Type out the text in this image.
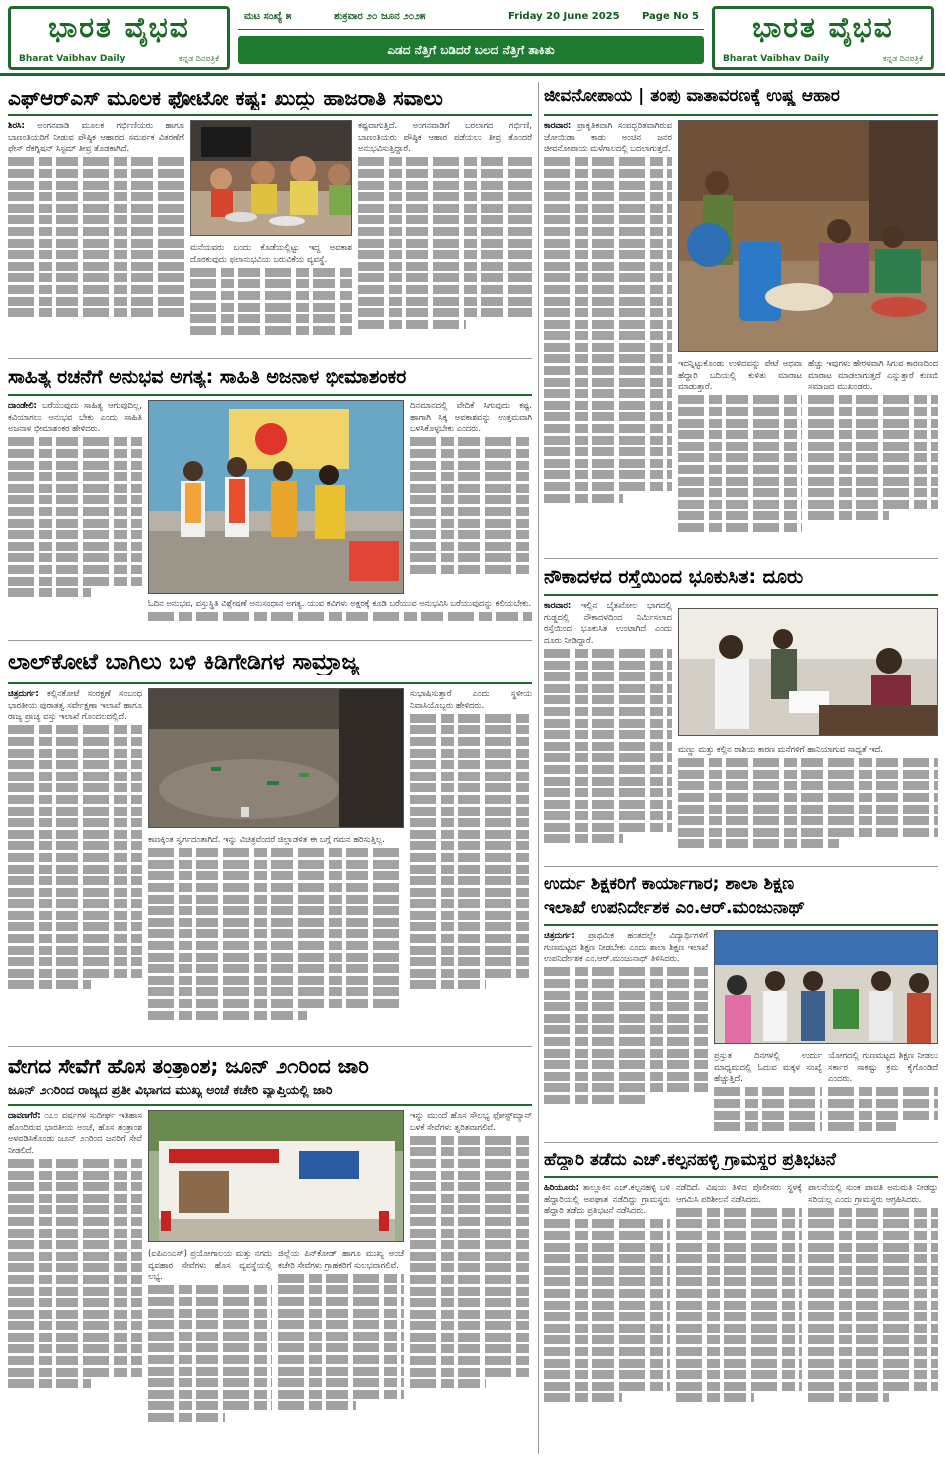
ಭಾರತ ವೈಭವ
Bharat Vaibhav Daily	ಕನ್ನಡ ದಿನಪತ್ರಿಕೆ
ಮಟ ಸಂಖ್ಯೆ ೫	ಶುಕ್ರವಾರ ೨೦ ಜೂನ ೨೦೨೫	Friday 20 June 2025 Page No 5
ಎಡದ ನೆತ್ತಿಗೆ ಬಡಿದರೆ ಬಲದ ನೆತ್ತಿಗೆ ತಾಕಿತು
ಭಾರತ ವೈಭವ
Bharat Vaibhav Daily	ಕನ್ನಡ ದಿನಪತ್ರಿಕೆ
ಎಫ್‌ಆರ್‌ಎಸ್ ಮೂಲಕ ಫೋಟೋ ಕಷ್ಟ: ಖುದ್ದು ಹಾಜರಾತಿ ಸವಾಲು
ಶಿರಸಿ: ಅಂಗನವಾಡಿ ಮೂಲಕ ಗರ್ಭಿಣಿಯರು ಹಾಗೂ ಬಾಣಂತಿಯರಿಗೆ ನೀಡುವ ಪೌಷ್ಠಿಕ ಆಹಾರದ ಸಮರ್ಪಕ ವಿತರಣೆಗೆ ಫೇಸ್ ರೆಕಗ್ನಿಷನ್ ಸಿಸ್ಟಮ್ ತೀವ್ರ ತೊಡಕಾಗಿದೆ.
ಮನೆಯವರು ಬಂದು ಕೊಡೆಯಲ್ಲಿಟ್ಟು ಇದ್ದ ಅವಕಾಶ ದೊರಕುವುದು ಫಲಾನುಭವಿಯ ಬರುವಿಕೆಯ ವ್ಯವಸ್ಥೆ.
ಕಷ್ಟವಾಗುತ್ತಿದೆ. ಅಂಗನವಾಡಿಗೆ ಬರಲಾಗದ ಗರ್ಭಿಣಿ, ಬಾಣಂತಿಯರು ಪೌಷ್ಠಿಕ ಆಹಾರ ಪಡೆಯಲು ತೀವ್ರ ತೊಂದರೆ ಅನುಭವಿಸುತ್ತಿದ್ದಾರೆ.
ಜೀವನೋಪಾಯ | ತಂಪು ವಾತಾವರಣಕ್ಕೆ ಉಷ್ಣ ಆಹಾರ
ಕಾರವಾರ: ಪ್ರಾಕೃತಿಕವಾಗಿ ಸಂಪದ್ಭರಿತವಾಗಿರುವ ಜೋಯಿಡಾ ಕಾಡು ಅಂಚಿನ ಜನರ ಜೀವನೋಪಾಯ ಮಳೆಗಾಲದಲ್ಲಿ ಬದಲಾಗುತ್ತದೆ.
ಇದನ್ನಿಟ್ಟುಕೊಂಡು ಉಳಿದವನ್ನು ಪೇಟೆ ಅಥವಾ ಹೆದ್ದಾರಿ ಬದಿಯಲ್ಲಿ ಕುಳಿತು ಮಾರಾಟ ಮಾಡುತ್ತಾರೆ.
ಹೆಚ್ಚು ಇವುಗಳು ಹೇರಳವಾಗಿ ಸಿಗುವ ಕಾರಣದಿಂದ ಮಾರಾಟ ಮಾಡಲಾಗುತ್ತದೆ ಎನ್ನುತ್ತಾರೆ ಕುಣಬಿ ಸಮಾಜದ ಮುಖಂಡರು.
ಸಾಹಿತ್ಯ ರಚನೆಗೆ ಅನುಭವ ಅಗತ್ಯ: ಸಾಹಿತಿ ಅಜನಾಳ ಭೀಮಾಶಂಕರ
ದಾಂಡೇಲಿ: ಬರೆಯುವುದು ಸಾಹಿತ್ಯ ಆಗುವುದಿಲ್ಲ, ಕವಿಯಾಗಲು ಅನುಭವ ಬೇಕು ಎಂದು ಸಾಹಿತಿ ಅಜನಾಳ ಭೀಮಾಶಂಕರ ಹೇಳಿದರು.
ದಿನಮಾನದಲ್ಲಿ ವೇದಿಕೆ ಸಿಗುವುದು ಕಷ್ಟ. ಹಾಗಾಗಿ ಸಿಕ್ಕ ಅವಕಾಶವನ್ನು ಉತ್ತಮವಾಗಿ ಬಳಸಿಕೊಳ್ಳಬೇಕು ಎಂದರು.
ಓದಿನ ಅನುಭವ, ವಸ್ತುಸ್ಥಿತಿ ವಿಶ್ಲೇಷಣೆ ಅನುಸಂಧಾನ ಅಗತ್ಯ. ಯುವ ಕವಿಗಳು ಅಕ್ಷರಕ್ಕೆ ಕೂಡಿ ಬರೆಯುವ ಅನುಭವಿಸಿ ಬರೆಯುವುದನ್ನು ಕಲಿಯಬೇಕು.
ನೌಕಾದಳದ ರಸ್ತೆಯಿಂದ ಭೂಕುಸಿತ: ದೂರು
ಕಾರವಾರ: ಇಲ್ಲಿನ ಬೈತಖೋಲ ಭಾಗದಲ್ಲಿ ಗುಡ್ಡದಲ್ಲಿ ನೌಕಾದಳದಿಂದ ನಿರ್ಮಿಸಲಾದ ರಸ್ತೆಯಿಂದ ಭೂಕುಸಿತ ಉಂಟಾಗಿದೆ ಎಂದು ದೂರು ನೀಡಿದ್ದಾರೆ.
ಮಣ್ಣು ಮತ್ತು ಕಲ್ಲಿನ ರಾಶಿಯ ಕಾರಣ ಮನೆಗಳಿಗೆ ಹಾನಿಯಾಗುವ ಸಾಧ್ಯತೆ ಇದೆ.
ಲಾಲ್‌ಕೋಟೆ ಬಾಗಿಲು ಬಳಿ ಕಿಡಿಗೇಡಿಗಳ ಸಾಮ್ರಾಜ್ಯ
ಚಿತ್ರದುರ್ಗ: ಕಲ್ಲಿನಕೋಟೆ ಸಂರಕ್ಷಣೆ ಸಂಬಂಧ ಭಾರತೀಯ ಪುರಾತತ್ವ ಸರ್ವೇಕ್ಷಣಾ ಇಲಾಖೆ ಹಾಗೂ ರಾಜ್ಯ ಪ್ರಾಚ್ಯ ವಸ್ತು ಇಲಾಖೆ ಗೊಂದಲದಲ್ಲಿದೆ.
ಸುಭಾಷಿಸುತ್ತಾರೆ ಎಂದು ಸ್ಥಳೀಯ ನಿವಾಸಿಯೊಬ್ಬರು ಹೇಳಿದರು.
ಕಾಣಕ್ಕಿಂತ ಸ್ವರ್ಗದಂತಾಗಿದೆ. ಇನ್ನು ವಿಚಿತ್ರವೆಂದರೆ ಜಿಲ್ಲಾಡಳಿತ ಈ ಬಗ್ಗೆ ಗಮನ ಹರಿಸುತ್ತಿಲ್ಲ.
ಉರ್ದು ಶಿಕ್ಷಕರಿಗೆ ಕಾರ್ಯಾಗಾರ; ಶಾಲಾ ಶಿಕ್ಷಣ
ಇಲಾಖೆ ಉಪನಿರ್ದೇಶಕ ಎಂ.ಆರ್.ಮಂಜುನಾಥ್
ಚಿತ್ರದುರ್ಗ: ಪ್ರಾಥಮಿಕ ಹಂತದಲ್ಲೇ ವಿದ್ಯಾರ್ಥಿಗಳಿಗೆ ಗುಣಮಟ್ಟದ ಶಿಕ್ಷಣ ನೀಡಬೇಕು ಎಂದು ಶಾಲಾ ಶಿಕ್ಷಣ ಇಲಾಖೆ ಉಪನಿರ್ದೇಶಕ ಎಂ.ಆರ್.ಮಂಜುನಾಥ್ ತಿಳಿಸಿದರು.
ಪ್ರಸ್ತುತ ದಿನಗಳಲ್ಲಿ ಉರ್ದು ಮಾಧ್ಯಮದಲ್ಲಿ ಓದುವ ಮಕ್ಕಳ ಸಂಖ್ಯೆ ಹೆಚ್ಚುತ್ತಿದೆ.
ಯೋಗದಲ್ಲಿ ಗುಣಮಟ್ಟದ ಶಿಕ್ಷಣ ನೀಡಲು ಸರ್ಕಾರ ಸಾಕಷ್ಟು ಕ್ರಮ ಕೈಗೊಂಡಿದೆ ಎಂದರು.
ವೇಗದ ಸೇವೆಗೆ ಹೊಸ ತಂತ್ರಾಂಶ; ಜೂನ್ ೨೧ರಿಂದ ಜಾರಿ
ಜೂನ್ ೨೧ರಿಂದ ರಾಜ್ಯದ ಪ್ರತೀ ವಿಭಾಗದ ಮುಖ್ಯ ಅಂಚೆ ಕಚೇರಿ ವ್ಯಾಪ್ತಿಯಲ್ಲಿ ಜಾರಿ
ದಾವಣಗೆರೆ: ೧೭೦ ವರ್ಷಗಳ ಸುದೀರ್ಘ ಇತಿಹಾಸ ಹೊಂದಿರುವ ಭಾರತೀಯ ಅಂಚೆ, ಹೊಸ ತಂತ್ರಾಂಶ ಅಳವಡಿಸಿಕೊಂಡು ಜೂನ್ ೨೧ರಿಂದ ಜನರಿಗೆ ಸೇವೆ ನೀಡಲಿದೆ.
(ಐಪಿಎಂಎಸ್) ಪ್ರಯೋಗಾಲಯ ಮತ್ತು ನಗದು ವ್ಯವಹಾರ ಸೇವೆಗಳು ಹೊಸ ವ್ಯವಸ್ಥೆಯಲ್ಲಿ ಲಭ್ಯ.
ಜಿಲ್ಲೆಯ ಪಿನ್‌ಕೋಡ್ ಹಾಗೂ ಮುಖ್ಯ ಅಂಚೆ ಕಚೇರಿ ಸೇವೆಗಳು ಗ್ರಾಹಕರಿಗೆ ಸುಲಭವಾಗಲಿವೆ.
ಇನ್ನು ಮುಂದೆ ಹೊಸ ಸೌಲಭ್ಯ ಫೋಸ್ಟ್‌ಮ್ಯಾನ್ ಬಳಕೆ ಸೇವೆಗಳು ತ್ವರಿತವಾಗಲಿವೆ.
ಹೆದ್ದಾರಿ ತಡೆದು ಎಚ್.ಕಲ್ಪನಹಳ್ಳಿ ಗ್ರಾಮಸ್ಥರ ಪ್ರತಿಭಟನೆ
ಹಿರಿಯೂರು: ತಾಲ್ಲೂಕಿನ ಎಚ್.ಕಲ್ಪನಹಳ್ಳಿ ಬಳಿ ಹೆದ್ದಾರಿಯಲ್ಲಿ ಅಪಘಾತ ನಡೆದಿದ್ದು ಗ್ರಾಮಸ್ಥರು ಹೆದ್ದಾರಿ ತಡೆದು ಪ್ರತಿಭಟನೆ ನಡೆಸಿದರು.
ನಡೆದಿದೆ. ವಿಷಯ ತಿಳಿದ ಪೊಲೀಸರು ಸ್ಥಳಕ್ಕೆ ಆಗಮಿಸಿ ಪರಿಶೀಲನೆ ನಡೆಸಿದರು.
ಪಾಲನೆಯಲ್ಲಿ ಸುಂಕ ಪಾವತಿ ಅನುಮತಿ ನೀಡದ್ದು ಸರಿಯಲ್ಲ ಎಂದು ಗ್ರಾಮಸ್ಥರು ಆಗ್ರಹಿಸಿದರು.
